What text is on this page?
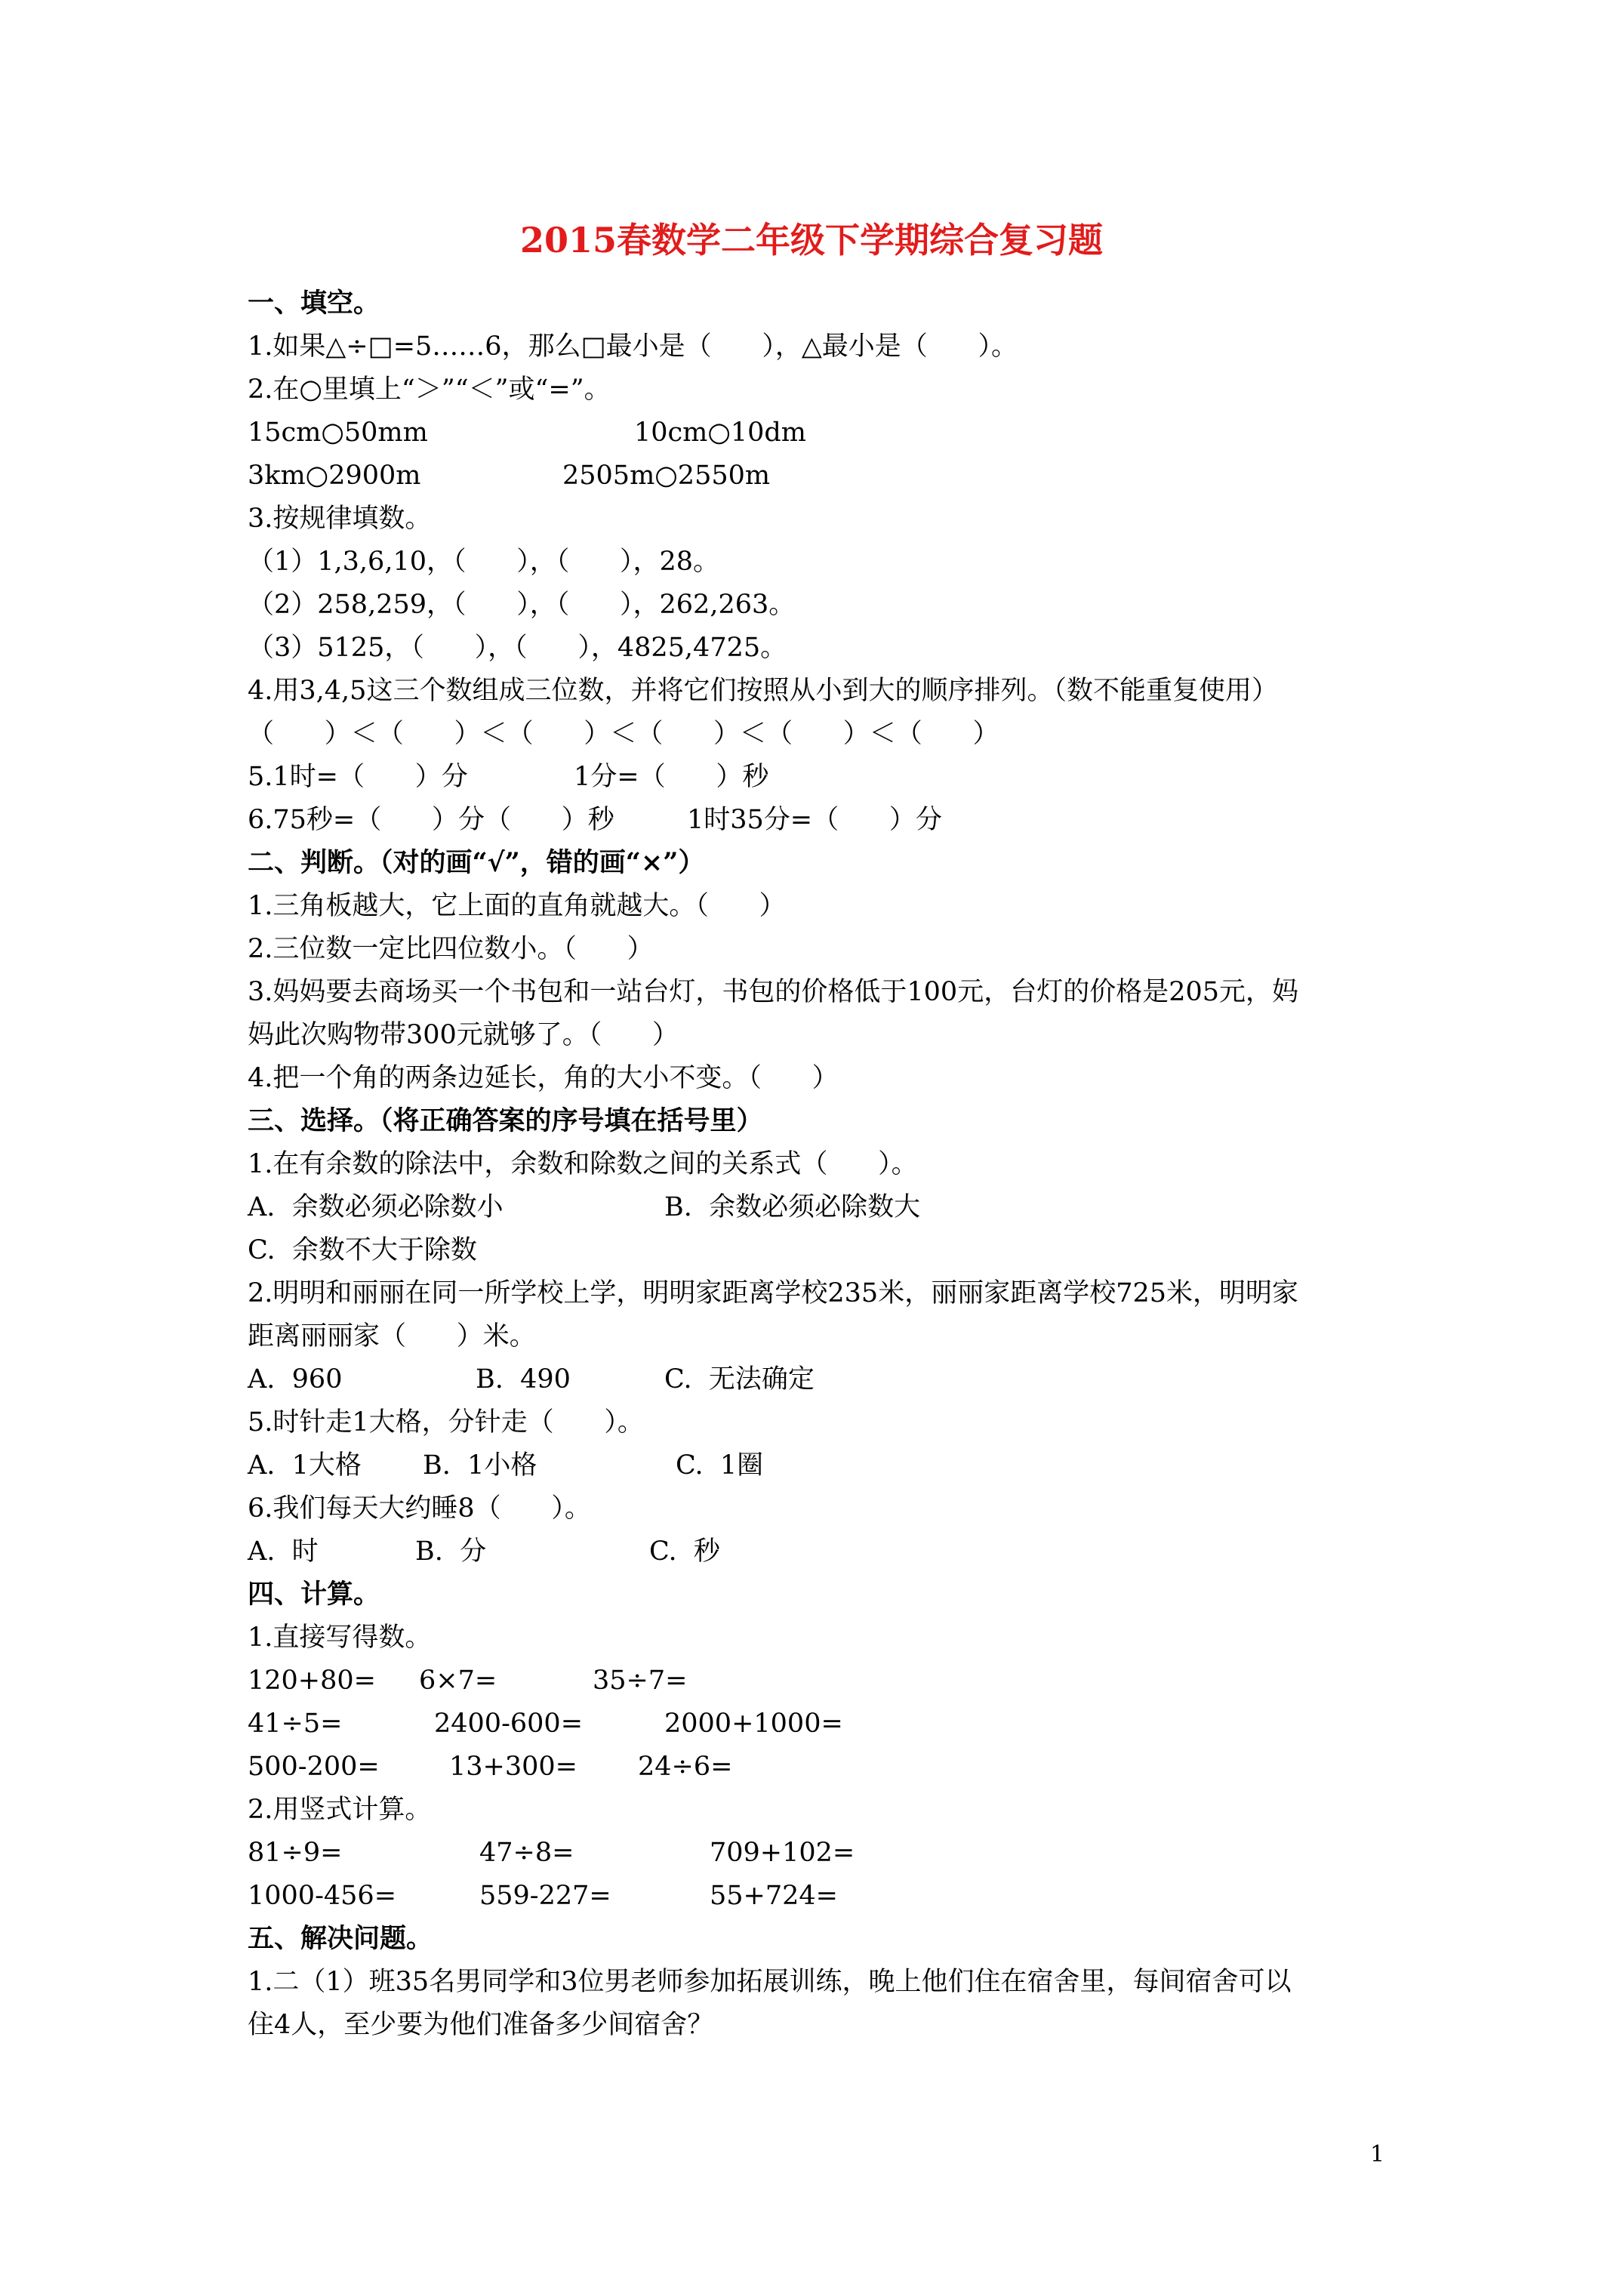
2015春数学二年级下学期综合复习题
一、填空。
1.如果△÷□=5……6，那么□最小是（      ），△最小是（      ）。
2.在○里填上“＞”“＜”或“=”。
15cm○50mm	10cm○10dm
3km○2900m	2505m○2550m
3.按规律填数。
（1）1,3,6,10，（      ），（      ），28。
（2）258,259，（      ），（      ），262,263。
（3）5125，（      ），（      ），4825,4725。
4.用3,4,5这三个数组成三位数，并将它们按照从小到大的顺序排列。（数不能重复使用）
（      ）＜（      ）＜（      ）＜（      ）＜（      ）＜（      ）
5.1时=（      ）分	1分=（      ）秒
6.75秒=（      ）分（      ）秒	1时35分=（      ）分
二、判断。（对的画“√”，错的画“×”）
1.三角板越大，它上面的直角就越大。（      ）
2.三位数一定比四位数小。（      ）
3.妈妈要去商场买一个书包和一站台灯，书包的价格低于100元，台灯的价格是205元，妈
妈此次购物带300元就够了。（      ）
4.把一个角的两条边延长，角的大小不变。（      ）
三、选择。（将正确答案的序号填在括号里）
1.在有余数的除法中，余数和除数之间的关系式（      ）。
A.  余数必须必除数小	B.  余数必须必除数大
C.  余数不大于除数
2.明明和丽丽在同一所学校上学，明明家距离学校235米，丽丽家距离学校725米，明明家
距离丽丽家（      ）米。
A.  960	B.  490	C.  无法确定
5.时针走1大格，分针走（      ）。
A.  1大格 B.  1小格	C.  1圈
6.我们每天大约睡8（      ）。
A.  时	B.  分	C.  秒
四、计算。
1.直接写得数。
120+80= 6×7=	35÷7=
41÷5=	2400-600=	2000+1000=
500-200=	13+300= 24÷6=
2.用竖式计算。
81÷9=	47÷8=	709+102=
1000-456=	559-227=	55+724=
五、解决问题。
1.二（1）班35名男同学和3位男老师参加拓展训练，晚上他们住在宿舍里，每间宿舍可以
住4人，至少要为他们准备多少间宿舍？
1
